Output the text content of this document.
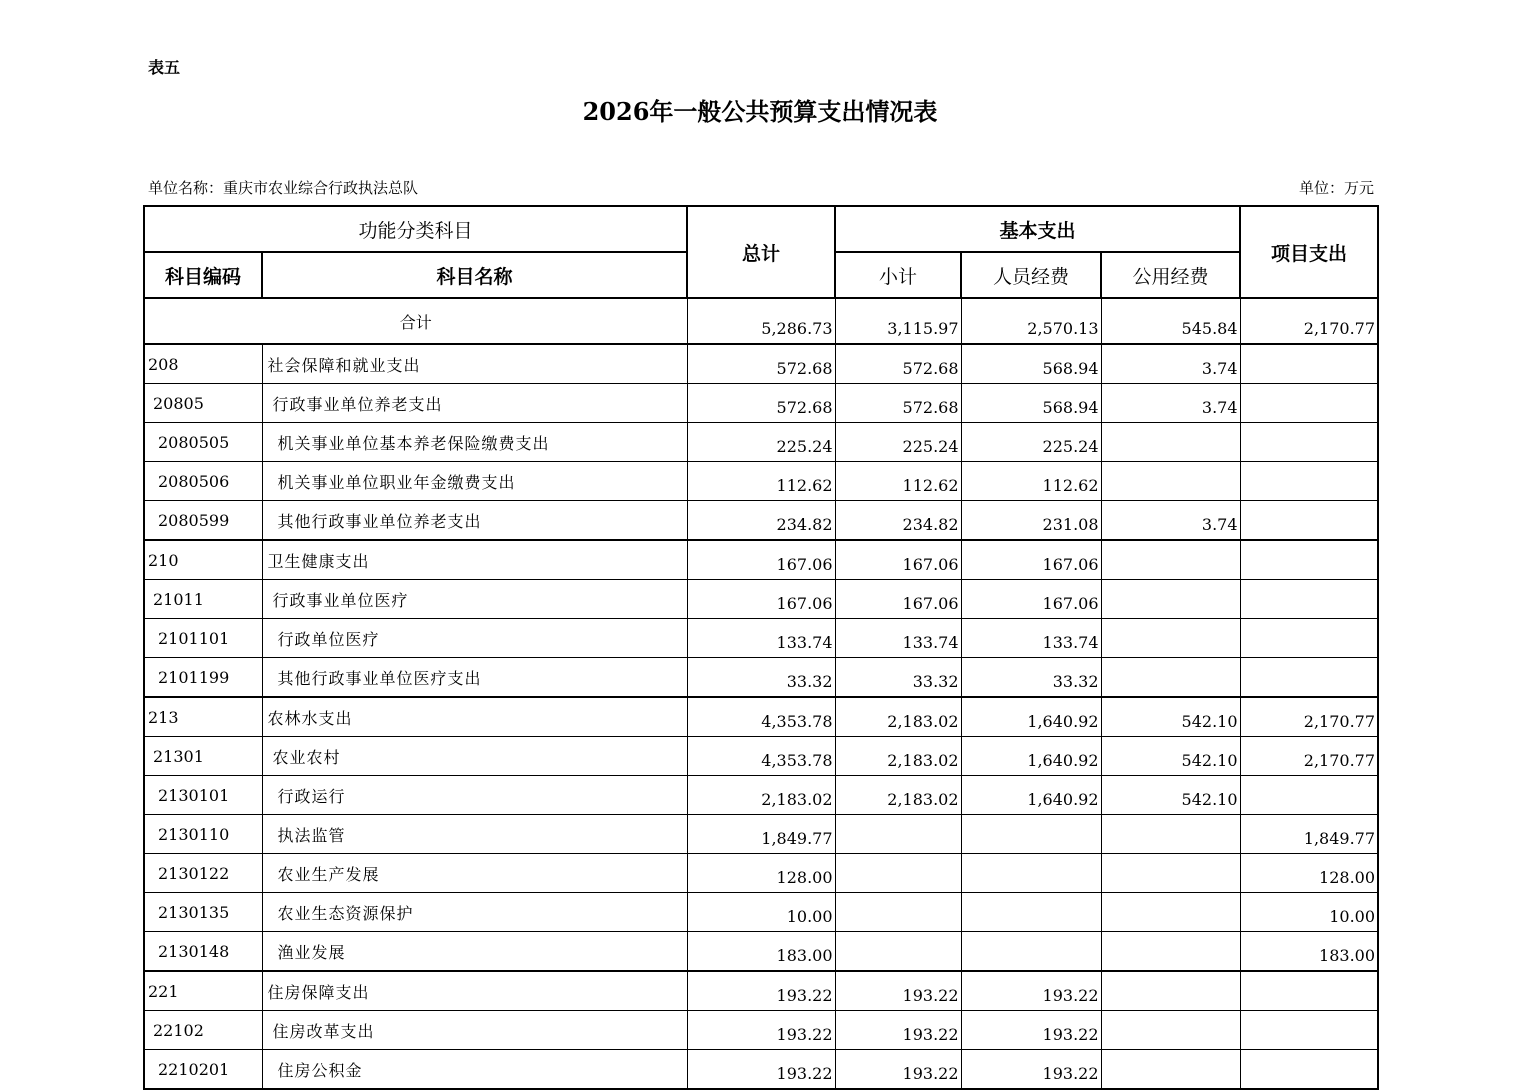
表五
2026年一般公共预算支出情况表
单位名称：重庆市农业综合行政执法总队	单位：万元
功能分类科目		总计	基本支出			项目支出
科目编码	科目名称		小计	人员经费	公用经费	
合计		5,286.73	3,115.97	2,570.13	545.84	2,170.77
208	社会保障和就业支出	572.68	572.68	568.94	3.74	
20805	行政事业单位养老支出	572.68	572.68	568.94	3.74	
2080505	机关事业单位基本养老保险缴费支出	225.24	225.24	225.24		
2080506	机关事业单位职业年金缴费支出	112.62	112.62	112.62		
2080599	其他行政事业单位养老支出	234.82	234.82	231.08	3.74	
210	卫生健康支出	167.06	167.06	167.06		
21011	行政事业单位医疗	167.06	167.06	167.06		
2101101	行政单位医疗	133.74	133.74	133.74		
2101199	其他行政事业单位医疗支出	33.32	33.32	33.32		
213	农林水支出	4,353.78	2,183.02	1,640.92	542.10	2,170.77
21301	农业农村	4,353.78	2,183.02	1,640.92	542.10	2,170.77
2130101	行政运行	2,183.02	2,183.02	1,640.92	542.10	
2130110	执法监管	1,849.77				1,849.77
2130122	农业生产发展	128.00				128.00
2130135	农业生态资源保护	10.00				10.00
2130148	渔业发展	183.00				183.00
221	住房保障支出	193.22	193.22	193.22		
22102	住房改革支出	193.22	193.22	193.22		
2210201	住房公积金	193.22	193.22	193.22		
